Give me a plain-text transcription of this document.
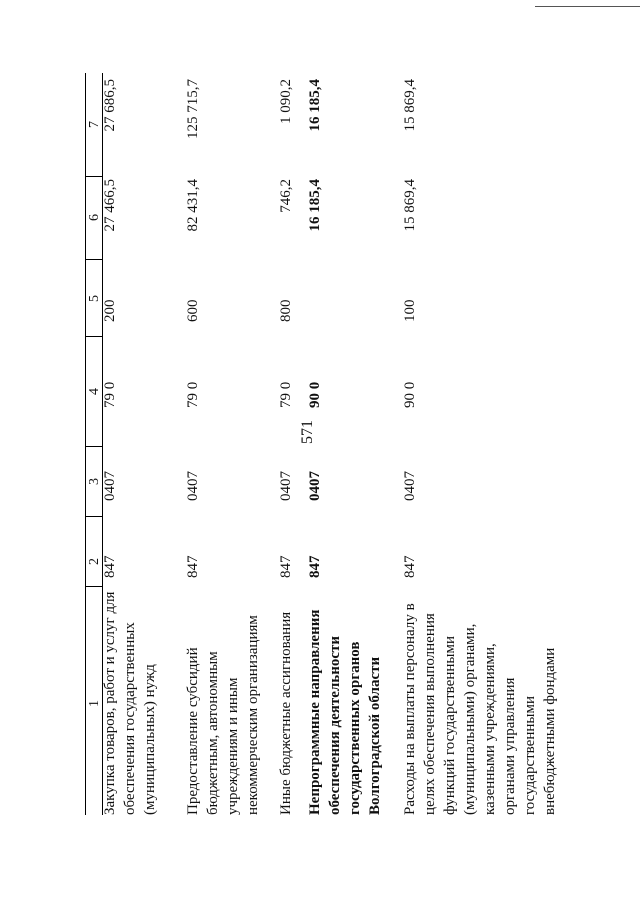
571
1
2
3
4
5
6
7
Закупка товаров, работ и услуг для обеспечения государственных (муниципальных) нужд
847
0407
79 0
200
27 466,5
27 686,5
Предоставление субсидий бюджетным, автономным учреждениям и иным некоммерческим организациям
847
0407
79 0
600
82 431,4
125 715,7
Иные бюджетные ассигнования
847
0407
79 0
800
746,2
1 090,2
Непрограммные направления обеспечения деятельности государственных органов Волгоградской области
847
0407
90 0
16 185,4
16 185,4
Расходы на выплаты персоналу в целях обеспечения выполнения функций государственными (муниципальными) органами, казенными учреждениями, органами управления государственными внебюджетными фондами
847
0407
90 0
100
15 869,4
15 869,4
